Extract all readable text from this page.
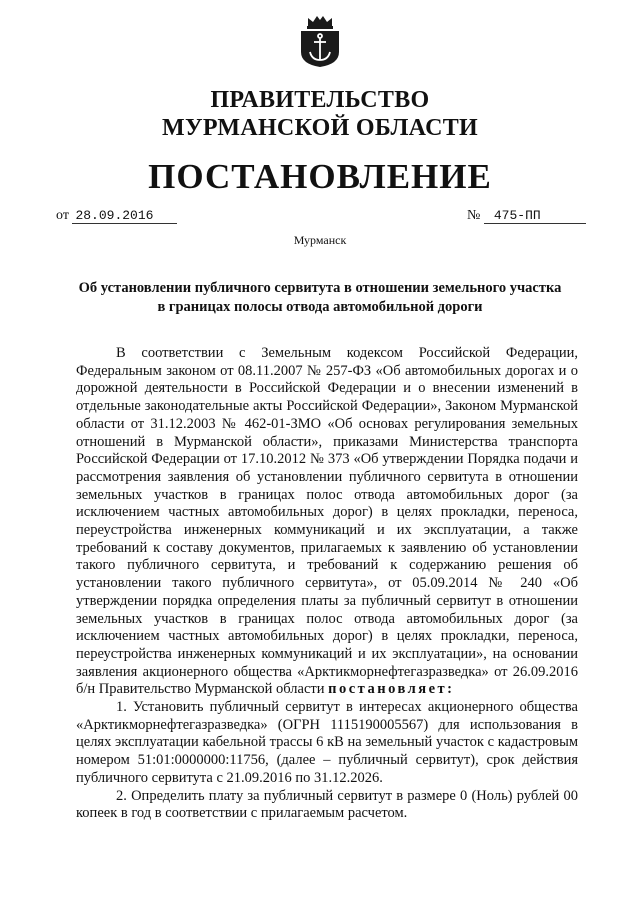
ПРАВИТЕЛЬСТВО
МУРМАНСКОЙ ОБЛАСТИ
ПОСТАНОВЛЕНИЕ
от 28.09.2016	№ 475-ПП
Мурманск
Об установлении публичного сервитута в отношении земельного участка
в границах полосы отвода автомобильной дороги

В соответствии с Земельным кодексом Российской Федерации, Федеральным законом от 08.11.2007 № 257-ФЗ «Об автомобильных дорогах и о дорожной деятельности в Российской Федерации и о внесении изменений в отдельные законодательные акты Российской Федерации», Законом Мурманской области от 31.12.2003 № 462-01-ЗМО «Об основах регулирования земельных отношений в Мурманской области», приказами Министерства транспорта Российской Федерации от 17.10.2012 № 373 «Об утверждении Порядка подачи и рассмотрения заявления об установлении публичного сервитута в отношении земельных участков в границах полос отвода автомобильных дорог (за исключением частных автомобильных дорог) в целях прокладки, переноса, переустройства инженерных коммуникаций и их эксплуатации, а также требований к составу документов, прилагаемых к заявлению об установлении такого публичного сервитута, и требований к содержанию решения об установлении такого публичного сервитута», от 05.09.2014 № 240 «Об утверждении порядка определения платы за публичный сервитут в отношении земельных участков в границах полос отвода автомобильных дорог (за исключением частных автомобильных дорог) в целях прокладки, переноса, переустройства инженерных коммуникаций и их эксплуатации», на основании заявления акционерного общества «Арктикморнефтегазразведка» от 26.09.2016 б/н Правительство Мурманской области постановляет:

1. Установить публичный сервитут в интересах акционерного общества «Арктикморнефтегазразведка» (ОГРН 1115190005567) для использования в целях эксплуатации кабельной трассы 6 кВ на земельный участок с кадастровым номером 51:01:0000000:11756, (далее – публичный сервитут), срок действия публичного сервитута с 21.09.2016 по 31.12.2026.

2. Определить плату за публичный сервитут в размере 0 (Ноль) рублей 00 копеек в год в соответствии с прилагаемым расчетом.
